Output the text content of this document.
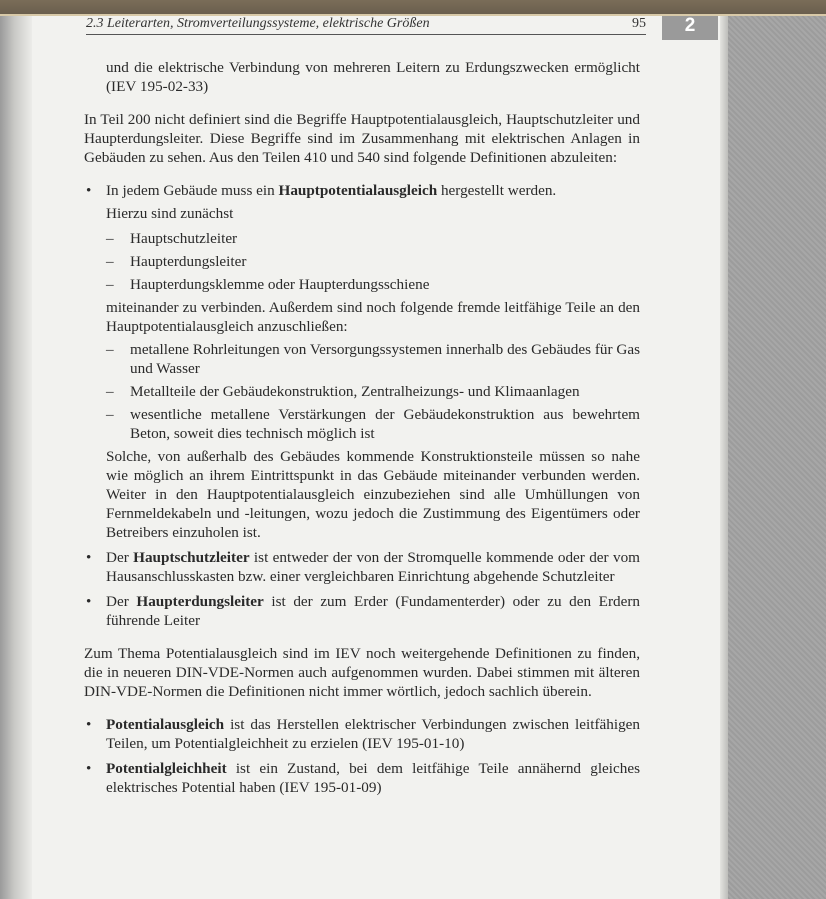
2.3 Leiterarten, Stromverteilungssysteme, elektrische Größen	95	2

und die elektrische Verbindung von mehreren Leitern zu Erdungszwecken ermöglicht (IEV 195-02-33)

In Teil 200 nicht definiert sind die Begriffe Hauptpotentialausgleich, Hauptschutzleiter und Haupterdungsleiter. Diese Begriffe sind im Zusammenhang mit elektrischen Anlagen in Gebäuden zu sehen. Aus den Teilen 410 und 540 sind folgende Definitionen abzuleiten:

• In jedem Gebäude muss ein Hauptpotentialausgleich hergestellt werden.

Hierzu sind zunächst

– Hauptschutzleiter
– Haupterdungsleiter
– Haupterdungsklemme oder Haupterdungsschiene

miteinander zu verbinden. Außerdem sind noch folgende fremde leitfähige Teile an den Hauptpotentialausgleich anzuschließen:

– metallene Rohrleitungen von Versorgungssystemen innerhalb des Gebäudes für Gas und Wasser

– Metallteile der Gebäudekonstruktion, Zentralheizungs- und Klimaanlagen

– wesentliche metallene Verstärkungen der Gebäudekonstruktion aus bewehrtem Beton, soweit dies technisch möglich ist

Solche, von außerhalb des Gebäudes kommende Konstruktionsteile müssen so nahe wie möglich an ihrem Eintrittspunkt in das Gebäude miteinander verbunden werden. Weiter in den Hauptpotentialausgleich einzubeziehen sind alle Umhüllungen von Fernmeldekabeln und -leitungen, wozu jedoch die Zustimmung des Eigentümers oder Betreibers einzuholen ist.

• Der Hauptschutzleiter ist entweder der von der Stromquelle kommende oder der vom Hausanschlusskasten bzw. einer vergleichbaren Einrichtung abgehende Schutzleiter

• Der Haupterdungsleiter ist der zum Erder (Fundamenterder) oder zu den Erdern führende Leiter

Zum Thema Potentialausgleich sind im IEV noch weitergehende Definitionen zu finden, die in neueren DIN-VDE-Normen auch aufgenommen wurden. Dabei stimmen mit älteren DIN-VDE-Normen die Definitionen nicht immer wörtlich, jedoch sachlich überein.

• Potentialausgleich ist das Herstellen elektrischer Verbindungen zwischen leitfähigen Teilen, um Potentialgleichheit zu erzielen (IEV 195-01-10)

• Potentialgleichheit ist ein Zustand, bei dem leitfähige Teile annähernd gleiches elektrisches Potential haben (IEV 195-01-09)
